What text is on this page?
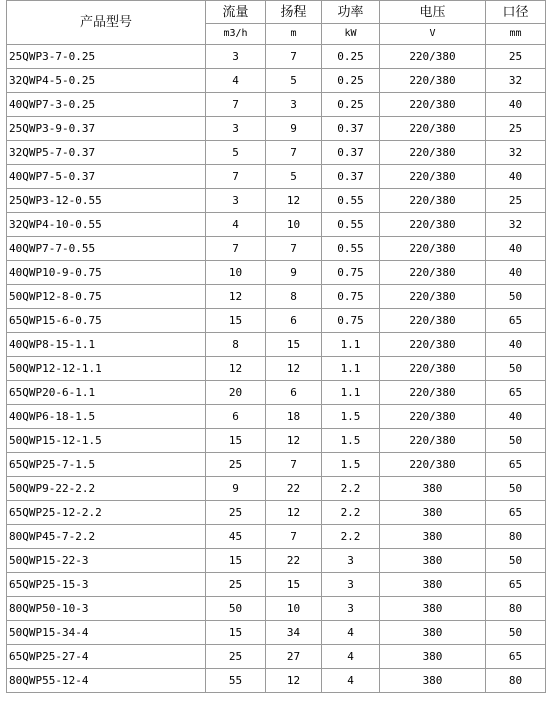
产品型号	流量	扬程	功率	电压	口径
	m3/h	m	kW	V	mm
25QWP3-7-0.25	3	7	0.25	220/380	25
32QWP4-5-0.25	4	5	0.25	220/380	32
40QWP7-3-0.25	7	3	0.25	220/380	40
25QWP3-9-0.37	3	9	0.37	220/380	25
32QWP5-7-0.37	5	7	0.37	220/380	32
40QWP7-5-0.37	7	5	0.37	220/380	40
25QWP3-12-0.55	3	12	0.55	220/380	25
32QWP4-10-0.55	4	10	0.55	220/380	32
40QWP7-7-0.55	7	7	0.55	220/380	40
40QWP10-9-0.75	10	9	0.75	220/380	40
50QWP12-8-0.75	12	8	0.75	220/380	50
65QWP15-6-0.75	15	6	0.75	220/380	65
40QWP8-15-1.1	8	15	1.1	220/380	40
50QWP12-12-1.1	12	12	1.1	220/380	50
65QWP20-6-1.1	20	6	1.1	220/380	65
40QWP6-18-1.5	6	18	1.5	220/380	40
50QWP15-12-1.5	15	12	1.5	220/380	50
65QWP25-7-1.5	25	7	1.5	220/380	65
50QWP9-22-2.2	9	22	2.2	380	50
65QWP25-12-2.2	25	12	2.2	380	65
80QWP45-7-2.2	45	7	2.2	380	80
50QWP15-22-3	15	22	3	380	50
65QWP25-15-3	25	15	3	380	65
80QWP50-10-3	50	10	3	380	80
50QWP15-34-4	15	34	4	380	50
65QWP25-27-4	25	27	4	380	65
80QWP55-12-4	55	12	4	380	80
